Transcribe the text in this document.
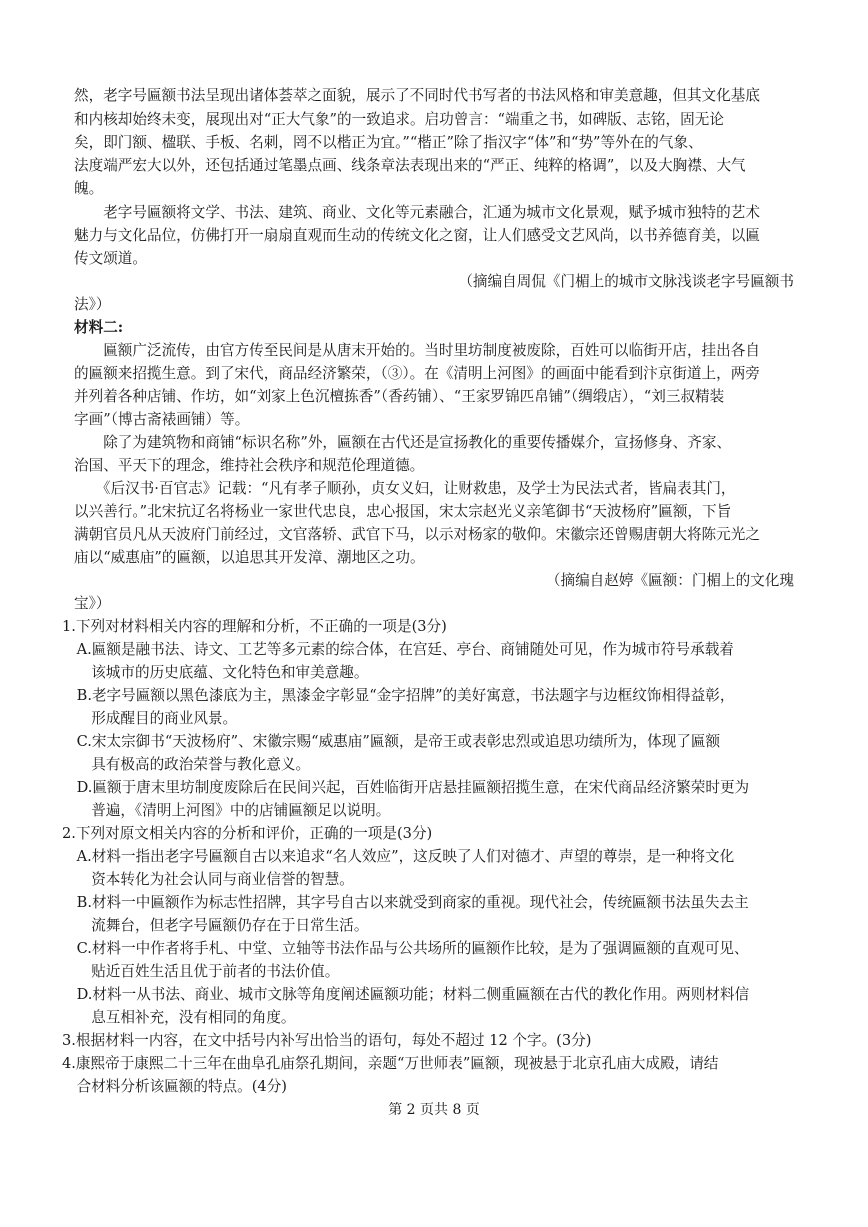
然，老字号匾额书法呈现出诸体荟萃之面貌，展示了不同时代书写者的书法风格和审美意趣，但其文化基底
和内核却始终未变，展现出对“正大气象”的一致追求。启功曾言：“端重之书，如碑版、志铭，固无论
矣，即门额、楹联、手板、名刺，罔不以楷正为宜。”“楷正”除了指汉字“体”和“势”等外在的气象、
法度端严宏大以外，还包括通过笔墨点画、线条章法表现出来的“严正、纯粹的格调”，以及大胸襟、大气
魄。
　　老字号匾额将文学、书法、建筑、商业、文化等元素融合，汇通为城市文化景观，赋予城市独特的艺术
魅力与文化品位，仿佛打开一扇扇直观而生动的传统文化之窗，让人们感受文艺风尚，以书养德育美，以匾
传文颂道。
（摘编自周侃《门楣上的城市文脉浅谈老字号匾额书
法》）
材料二:
　　匾额广泛流传，由官方传至民间是从唐末开始的。当时里坊制度被废除，百姓可以临街开店，挂出各自
的匾额来招揽生意。到了宋代，商品经济繁荣，（③）。在《清明上河图》的画面中能看到汴京街道上，两旁
并列着各种店铺、作坊，如“刘家上色沉檀拣香”（香药铺）、“王家罗锦匹帛铺”（绸缎店），“刘三叔精装
字画”（博古斋裱画铺）等。
　　除了为建筑物和商铺“标识名称”外，匾额在古代还是宣扬教化的重要传播媒介，宣扬修身、齐家、
治国、平天下的理念，维持社会秩序和规范伦理道德。
　　《后汉书·百官志》记载：“凡有孝子顺孙，贞女义妇，让财救患，及学士为民法式者，皆扁表其门，
以兴善行。”北宋抗辽名将杨业一家世代忠良，忠心报国，宋太宗赵光义亲笔御书“天波杨府”匾额，下旨
满朝官员凡从天波府门前经过，文官落轿、武官下马，以示对杨家的敬仰。宋徽宗还曾赐唐朝大将陈元光之
庙以“威惠庙”的匾额，以追思其开发漳、潮地区之功。
（摘编自赵婷《匾额：门楣上的文化瑰
宝》）
1.下列对材料相关内容的理解和分析，不正确的一项是(3分)
　A.匾额是融书法、诗文、工艺等多元素的综合体，在宫廷、亭台、商铺随处可见，作为城市符号承载着
　　该城市的历史底蕴、文化特色和审美意趣。
　B.老字号匾额以黑色漆底为主，黑漆金字彰显“金字招牌”的美好寓意，书法题字与边框纹饰相得益彰，
　　形成醒目的商业风景。
　C.宋太宗御书“天波杨府”、宋徽宗赐“威惠庙”匾额，是帝王或表彰忠烈或追思功绩所为，体现了匾额
　　具有极高的政治荣誉与教化意义。
　D.匾额于唐末里坊制度废除后在民间兴起，百姓临街开店悬挂匾额招揽生意，在宋代商品经济繁荣时更为
　　普遍，《清明上河图》中的店铺匾额足以说明。
2.下列对原文相关内容的分析和评价，正确的一项是(3分)
　A.材料一指出老字号匾额自古以来追求“名人效应”，这反映了人们对德才、声望的尊崇，是一种将文化
　　资本转化为社会认同与商业信誉的智慧。
　B.材料一中匾额作为标志性招牌，其字号自古以来就受到商家的重视。现代社会，传统匾额书法虽失去主
　　流舞台，但老字号匾额仍存在于日常生活。
　C.材料一中作者将手札、中堂、立轴等书法作品与公共场所的匾额作比较，是为了强调匾额的直观可见、
　　贴近百姓生活且优于前者的书法价值。
　D.材料一从书法、商业、城市文脉等角度阐述匾额功能；材料二侧重匾额在古代的教化作用。两则材料信
　　息互相补充，没有相同的角度。
3.根据材料一内容，在文中括号内补写出恰当的语句，每处不超过 12 个字。(3分)
4.康熙帝于康熙二十三年在曲阜孔庙祭孔期间，亲题“万世师表”匾额，现被悬于北京孔庙大成殿，请结
　合材料分析该匾额的特点。(4分)
第 2 页共 8 页
